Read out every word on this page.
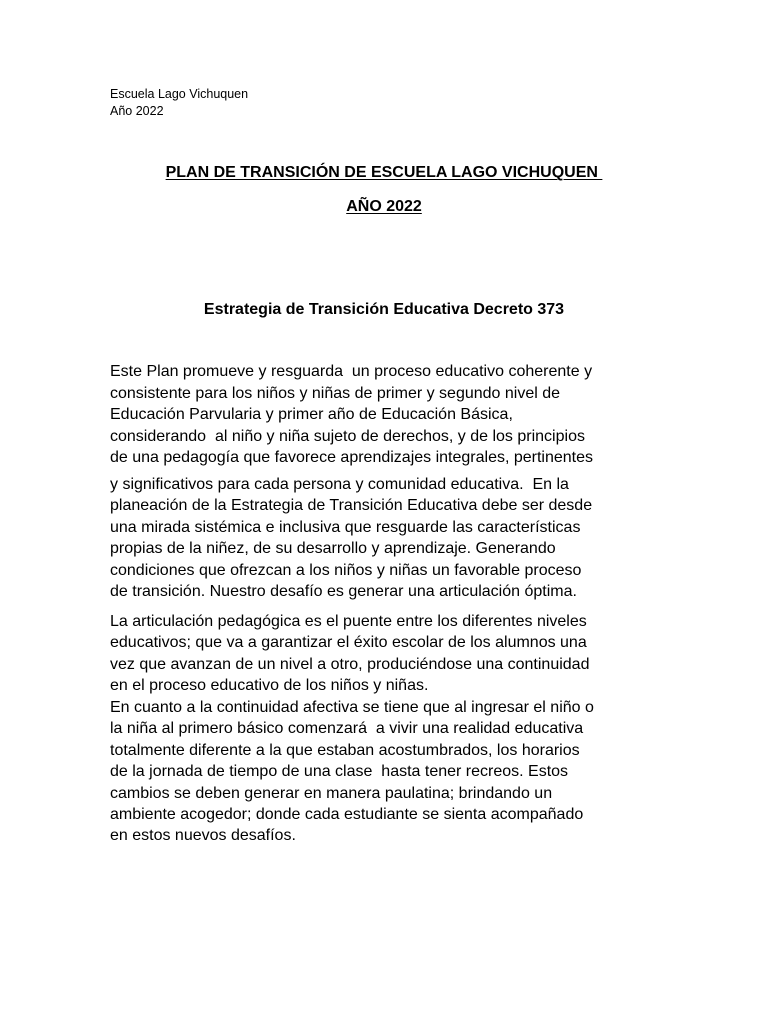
Escuela Lago Vichuquen
Año 2022
PLAN DE TRANSICIÓN DE ESCUELA LAGO VICHUQUEN
AÑO 2022
Estrategia de Transición Educativa Decreto 373
Este Plan promueve y resguarda  un proceso educativo coherente y
consistente para los niños y niñas de primer y segundo nivel de
Educación Parvularia y primer año de Educación Básica,
considerando  al niño y niña sujeto de derechos, y de los principios
de una pedagogía que favorece aprendizajes integrales, pertinentes
y significativos para cada persona y comunidad educativa.  En la
planeación de la Estrategia de Transición Educativa debe ser desde
una mirada sistémica e inclusiva que resguarde las características
propias de la niñez, de su desarrollo y aprendizaje. Generando
condiciones que ofrezcan a los niños y niñas un favorable proceso
de transición. Nuestro desafío es generar una articulación óptima.
La articulación pedagógica es el puente entre los diferentes niveles
educativos; que va a garantizar el éxito escolar de los alumnos una
vez que avanzan de un nivel a otro, produciéndose una continuidad
en el proceso educativo de los niños y niñas.
En cuanto a la continuidad afectiva se tiene que al ingresar el niño o
la niña al primero básico comenzará  a vivir una realidad educativa
totalmente diferente a la que estaban acostumbrados, los horarios
de la jornada de tiempo de una clase  hasta tener recreos. Estos
cambios se deben generar en manera paulatina; brindando un
ambiente acogedor; donde cada estudiante se sienta acompañado
en estos nuevos desafíos.
